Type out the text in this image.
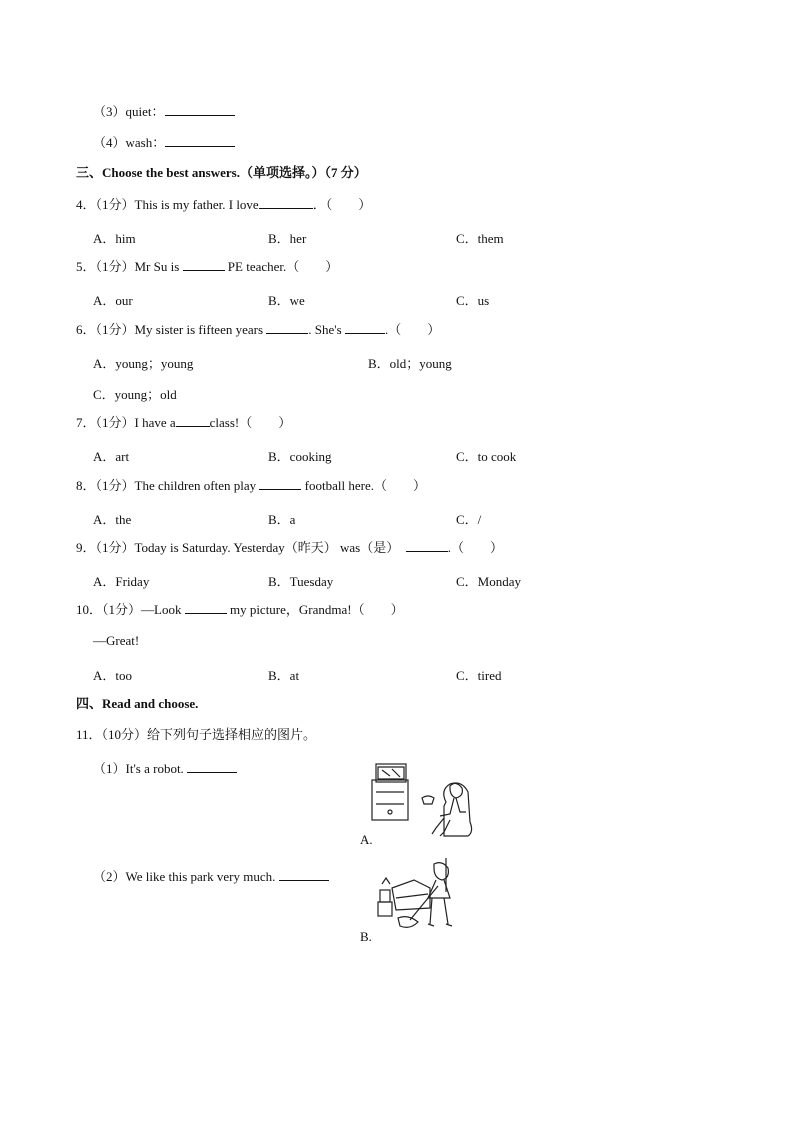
（3）quiet：
（4）wash：
三、Choose the best answers.（单项选择。）（7 分）
4．（1分）This is my father. I love	．（　　）
A．him	B．her	C．them
5．（1分）Mr Su is	PE teacher.（　　）
A．our	B．we	C．us
6．（1分）My sister is fifteen years	. She's	.（　　）
A．young；young	B．old；young
C．young；old
7．（1分）I have a	class!（　　）
A．art	B．cooking	C．to cook
8．（1分）The children often play	football here.（　　）
A．the	B．a	C．/
9．（1分）Today is Saturday. Yesterday（昨天） was（是）　	.（　　）
A．Friday	B．Tuesday	C．Monday
10．（1分）—Look	my picture，Grandma!（　　）
—Great!
A．too	B．at	C．tired
四、Read and choose.
11．（10分）给下列句子选择相应的图片。
（1）It's a robot.
A.
（2）We like this park very much.
B.
